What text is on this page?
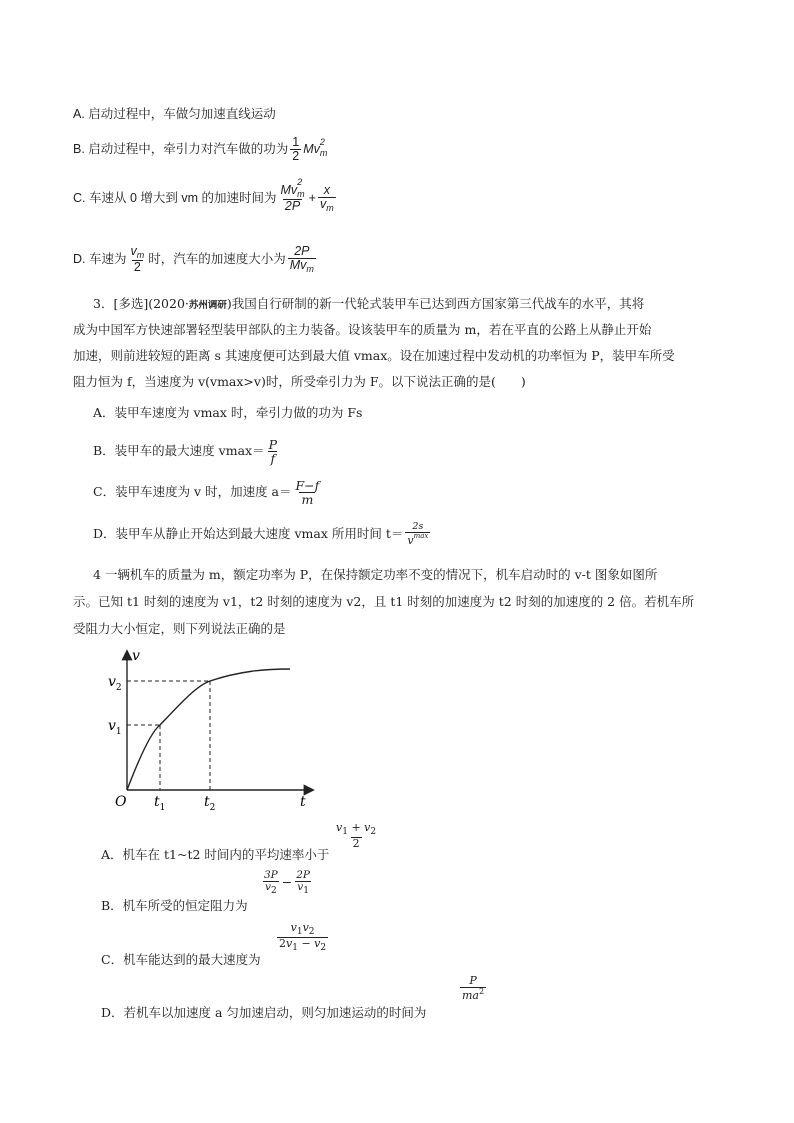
A. 启动过程中，车做匀加速直线运动
B. 启动过程中，牵引力对汽车做的功为 $\frac{1}{2}$ Mv $_{2 m}$
C. 车速从 0 增大到 vm 的加速时间为 Mv
$_{2 m}$
$2P + \frac{x}{v_m}$
D. 车速为 $\frac{v_m}{2}$ 时，汽车的加速度大小为 $\frac{2P}{Mv_m}$
3．[多选](2020·苏州调研)我国自行研制的新一代轮式装甲车已达到西方国家第三代战车的水平，其将
成为中国军方快速部署轻型装甲部队的主力装备。设该装甲车的质量为 m，若在平直的公路上从静止开始
加速，则前进较短的距离 s 其速度便可达到最大值 vmax。设在加速过程中发动机的功率恒为 P，装甲车所受
阻力恒为 f，当速度为 v(vmax>v)时，所受牵引力为 F。以下说法正确的是(　　)
A．装甲车速度为 vmax 时，牵引力做的功为 Fs
B．装甲车的最大速度 $vmax= \frac{P}{f}$
C．装甲车速度为 v 时，加速度 $a= \frac{F-f}{m}$
D．装甲车从静止开始达到最大速度 vmax 所用时间 $t= \frac{2s}{v^{max}}$
4 一辆机车的质量为 m，额定功率为 P，在保持额定功率不变的情况下，机车启动时的 v-t 图象如图所
示。已知 t1 时刻的速度为 v1，t2 时刻的速度为 v2，且 t1 时刻的加速度为 t2 时刻的加速度的 2 倍。若机车所
受阻力大小恒定，则下列说法正确的是
v
t
O
$v_2$
$v_1$
$t_1$	$t_2$
$\frac{v_1 + v_2}{2}$
A．机车在 t1~t2 时间内的平均速率小于
$\frac{3P}{v2} - \frac{2P}{v1}$
B．机车所受的恒定阻力为
$\frac{v_1v_2}{2v_1 - v_2}$
C．机车能达到的最大速度为
$\frac{P}{ma^2}$
D．若机车以加速度 a 匀加速启动，则匀加速运动的时间为
